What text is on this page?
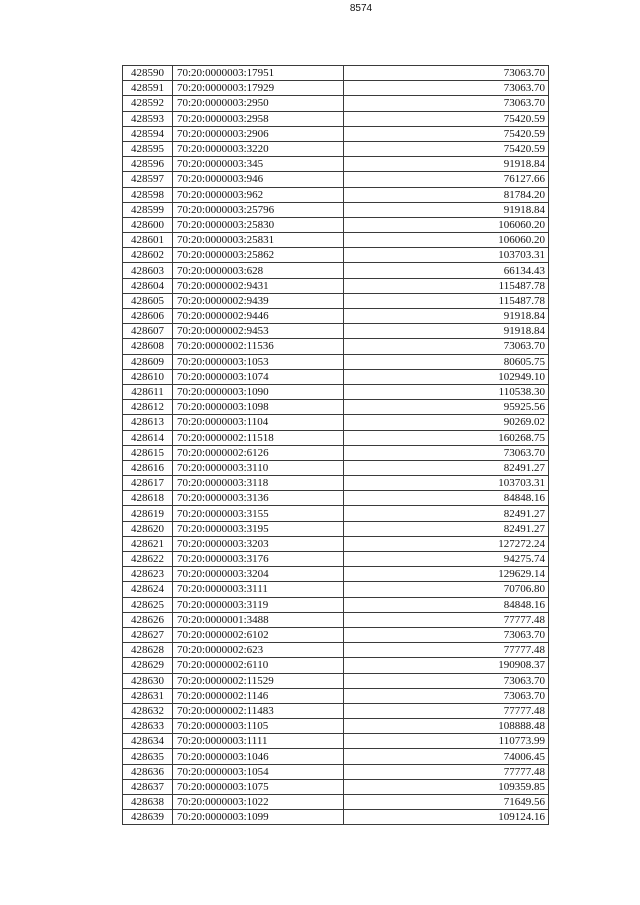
8574
428590	70:20:0000003:17951	73063.70
428591	70:20:0000003:17929	73063.70
428592	70:20:0000003:2950	73063.70
428593	70:20:0000003:2958	75420.59
428594	70:20:0000003:2906	75420.59
428595	70:20:0000003:3220	75420.59
428596	70:20:0000003:345	91918.84
428597	70:20:0000003:946	76127.66
428598	70:20:0000003:962	81784.20
428599	70:20:0000003:25796	91918.84
428600	70:20:0000003:25830	106060.20
428601	70:20:0000003:25831	106060.20
428602	70:20:0000003:25862	103703.31
428603	70:20:0000003:628	66134.43
428604	70:20:0000002:9431	115487.78
428605	70:20:0000002:9439	115487.78
428606	70:20:0000002:9446	91918.84
428607	70:20:0000002:9453	91918.84
428608	70:20:0000002:11536	73063.70
428609	70:20:0000003:1053	80605.75
428610	70:20:0000003:1074	102949.10
428611	70:20:0000003:1090	110538.30
428612	70:20:0000003:1098	95925.56
428613	70:20:0000003:1104	90269.02
428614	70:20:0000002:11518	160268.75
428615	70:20:0000002:6126	73063.70
428616	70:20:0000003:3110	82491.27
428617	70:20:0000003:3118	103703.31
428618	70:20:0000003:3136	84848.16
428619	70:20:0000003:3155	82491.27
428620	70:20:0000003:3195	82491.27
428621	70:20:0000003:3203	127272.24
428622	70:20:0000003:3176	94275.74
428623	70:20:0000003:3204	129629.14
428624	70:20:0000003:3111	70706.80
428625	70:20:0000003:3119	84848.16
428626	70:20:0000001:3488	77777.48
428627	70:20:0000002:6102	73063.70
428628	70:20:0000002:623	77777.48
428629	70:20:0000002:6110	190908.37
428630	70:20:0000002:11529	73063.70
428631	70:20:0000002:1146	73063.70
428632	70:20:0000002:11483	77777.48
428633	70:20:0000003:1105	108888.48
428634	70:20:0000003:1111	110773.99
428635	70:20:0000003:1046	74006.45
428636	70:20:0000003:1054	77777.48
428637	70:20:0000003:1075	109359.85
428638	70:20:0000003:1022	71649.56
428639	70:20:0000003:1099	109124.16
